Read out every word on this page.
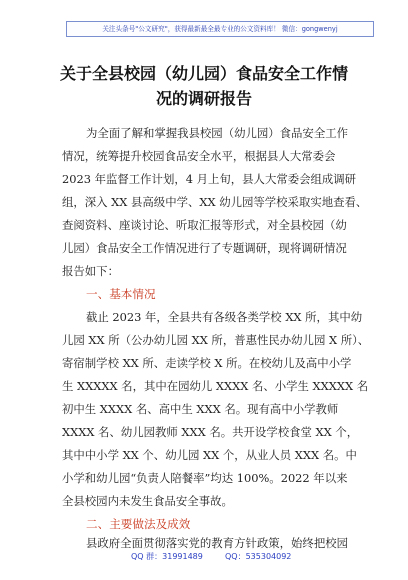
关注头条号"公文研究"，获得最新最全最专业的公文资料库！ 微信：gongwenyj
关于全县校园（幼儿园）食品安全工作情
况的调研报告
为全面了解和掌握我县校园（幼儿园）食品安全工作
情况，统筹提升校园食品安全水平，根据县人大常委会
2023 年监督工作计划，4 月上旬，县人大常委会组成调研
组，深入 XX 县高级中学、XX 幼儿园等学校采取实地查看、
查阅资料、座谈讨论、听取汇报等形式，对全县校园（幼
儿园）食品安全工作情况进行了专题调研，现将调研情况
报告如下：
一、基本情况
截止 2023 年，全县共有各级各类学校 XX 所，其中幼
儿园 XX 所（公办幼儿园 XX 所，普惠性民办幼儿园 X 所）、
寄宿制学校 XX 所、走读学校 X 所。在校幼儿及高中小学
生 XXXXX 名，其中在园幼儿 XXXX 名、小学生 XXXXX 名
初中生 XXXX 名、高中生 XXX 名。现有高中小学教师
XXXX 名、幼儿园教师 XXX 名。共开设学校食堂 XX 个，
其中中小学 XX 个、幼儿园 XX 个，从业人员 XXX 名。中
小学和幼儿园“负责人陪餐率”均达 100%。2022 年以来
全县校园内未发生食品安全事故。
二、主要做法及成效
县政府全面贯彻落实党的教育方针政策，始终把校园
QQ 群：31991489	QQ：535304092
